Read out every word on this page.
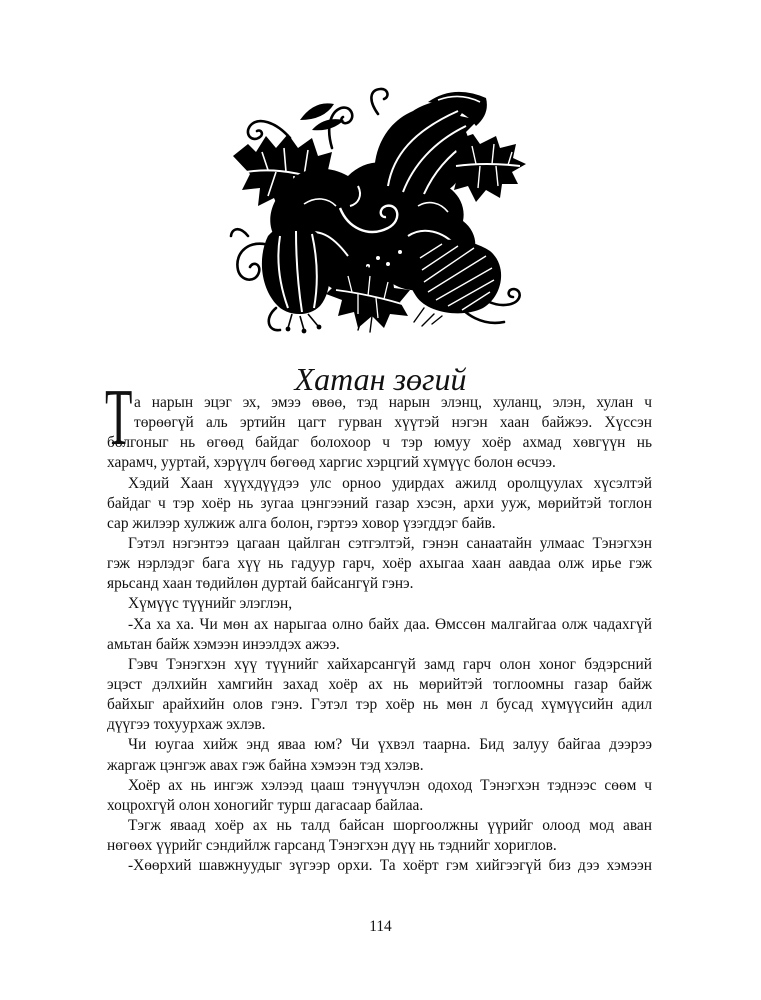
Хатан зөгий
Т а нарын эцэг эх, эмээ өвөө, тэд нарын элэнц, хуланц, элэн, хулан ч
төрөөгүй аль эртийн цагт гурван хүүтэй нэгэн хаан байжээ. Хүссэн
болгоныг нь өгөөд байдаг болохоор ч тэр юмуу хоёр ахмад хөвгүүн нь
харамч, ууртай, хэрүүлч бөгөөд харгис хэрцгий хүмүүс болон өсчээ.
Хэдий Хаан хүүхдүүдээ улс орноо удирдах ажилд оролцуулах хүсэлтэй
байдаг ч тэр хоёр нь зугаа цэнгээний газар хэсэн, архи ууж, мөрийтэй тоглон
сар жилээр хулжиж алга болон, гэртээ ховор үзэгддэг байв.
Гэтэл нэгэнтээ цагаан цайлган сэтгэлтэй, гэнэн санаатайн улмаас Тэнэгхэн
гэж нэрлэдэг бага хүү нь гадуур гарч, хоёр ахыгаа хаан аавдаа олж ирье гэж
ярьсанд хаан төдийлөн дуртай байсангүй гэнэ.
Хүмүүс түүнийг элэглэн,
-Ха ха ха. Чи мөн ах нарыгаа олно байх даа. Өмссөн малгайгаа олж чадахгүй
амьтан байж хэмээн инээлдэх ажээ.
Гэвч Тэнэгхэн хүү түүнийг хайхарсангүй замд гарч олон хоног бэдэрсний
эцэст дэлхийн хамгийн захад хоёр ах нь мөрийтэй тоглоомны газар байж
байхыг арайхийн олов гэнэ. Гэтэл тэр хоёр нь мөн л бусад хүмүүсийн адил
дүүгээ тохуурхаж эхлэв.
Чи юугаа хийж энд яваа юм? Чи үхвэл таарна. Бид залуу байгаа дээрээ
жаргаж цэнгэж авах гэж байна хэмээн тэд хэлэв.
Хоёр ах нь ингэж хэлээд цааш тэнүүчлэн одоход Тэнэгхэн тэднээс сөөм ч
хоцрохгүй олон хоногийг турш дагасаар байлаа.
Тэгж яваад хоёр ах нь талд байсан шоргоолжны үүрийг олоод мод аван
нөгөөх үүрийг сэндийлж гарсанд Тэнэгхэн дүү нь тэднийг хориглов.
-Хөөрхий шавжнуудыг зүгээр орхи. Та хоёрт гэм хийгээгүй биз дээ хэмээн
114
